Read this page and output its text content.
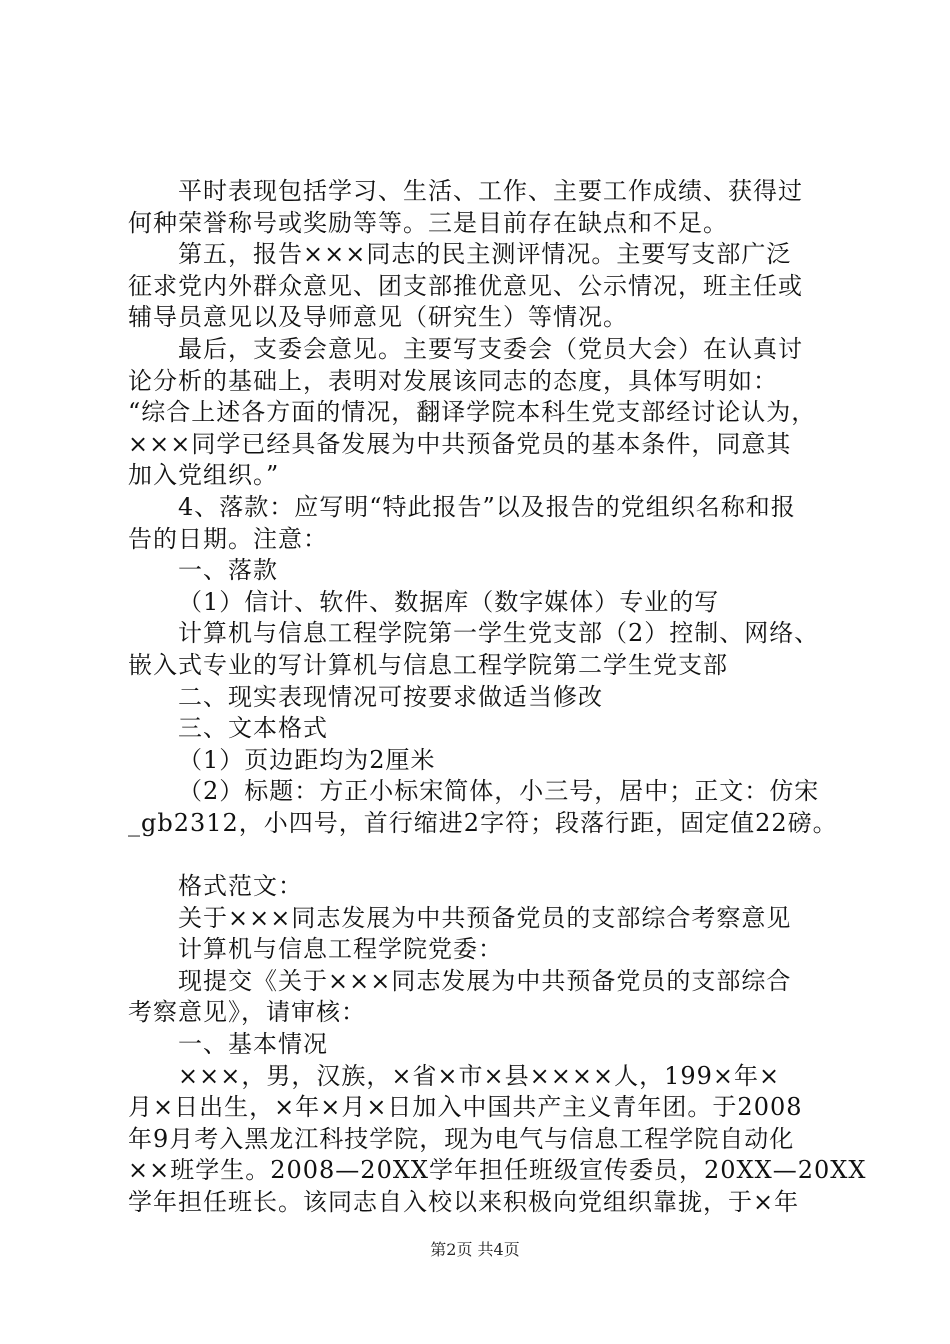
平时表现包括学习、生活、工作、主要工作成绩、获得过
何种荣誉称号或奖励等等。三是目前存在缺点和不足。
第五，报告×××同志的民主测评情况。主要写支部广泛
征求党内外群众意见、团支部推优意见、公示情况，班主任或
辅导员意见以及导师意见（研究生）等情况。
最后，支委会意见。主要写支委会（党员大会）在认真讨
论分析的基础上，表明对发展该同志的态度，具体写明如：
“综合上述各方面的情况，翻译学院本科生党支部经讨论认为，
×××同学已经具备发展为中共预备党员的基本条件，同意其
加入党组织。”
4、落款：应写明“特此报告”以及报告的党组织名称和报
告的日期。注意：
一、落款
（1）信计、软件、数据库（数字媒体）专业的写
计算机与信息工程学院第一学生党支部（2）控制、网络、
嵌入式专业的写计算机与信息工程学院第二学生党支部
二、现实表现情况可按要求做适当修改
三、文本格式
（1）页边距均为2厘米
（2）标题：方正小标宋简体，小三号，居中；正文：仿宋
_gb2312，小四号，首行缩进2字符；段落行距，固定值22磅。
格式范文：
关于×××同志发展为中共预备党员的支部综合考察意见
计算机与信息工程学院党委：
现提交《关于×××同志发展为中共预备党员的支部综合
考察意见》，请审核：
一、基本情况
×××，男，汉族，×省×市×县××××人，199×年×
月×日出生，×年×月×日加入中国共产主义青年团。于2008
年9月考入黑龙江科技学院，现为电气与信息工程学院自动化
××班学生。2008—20XX学年担任班级宣传委员，20XX—20XX
学年担任班长。该同志自入校以来积极向党组织靠拢，于×年
第2页 共4页
